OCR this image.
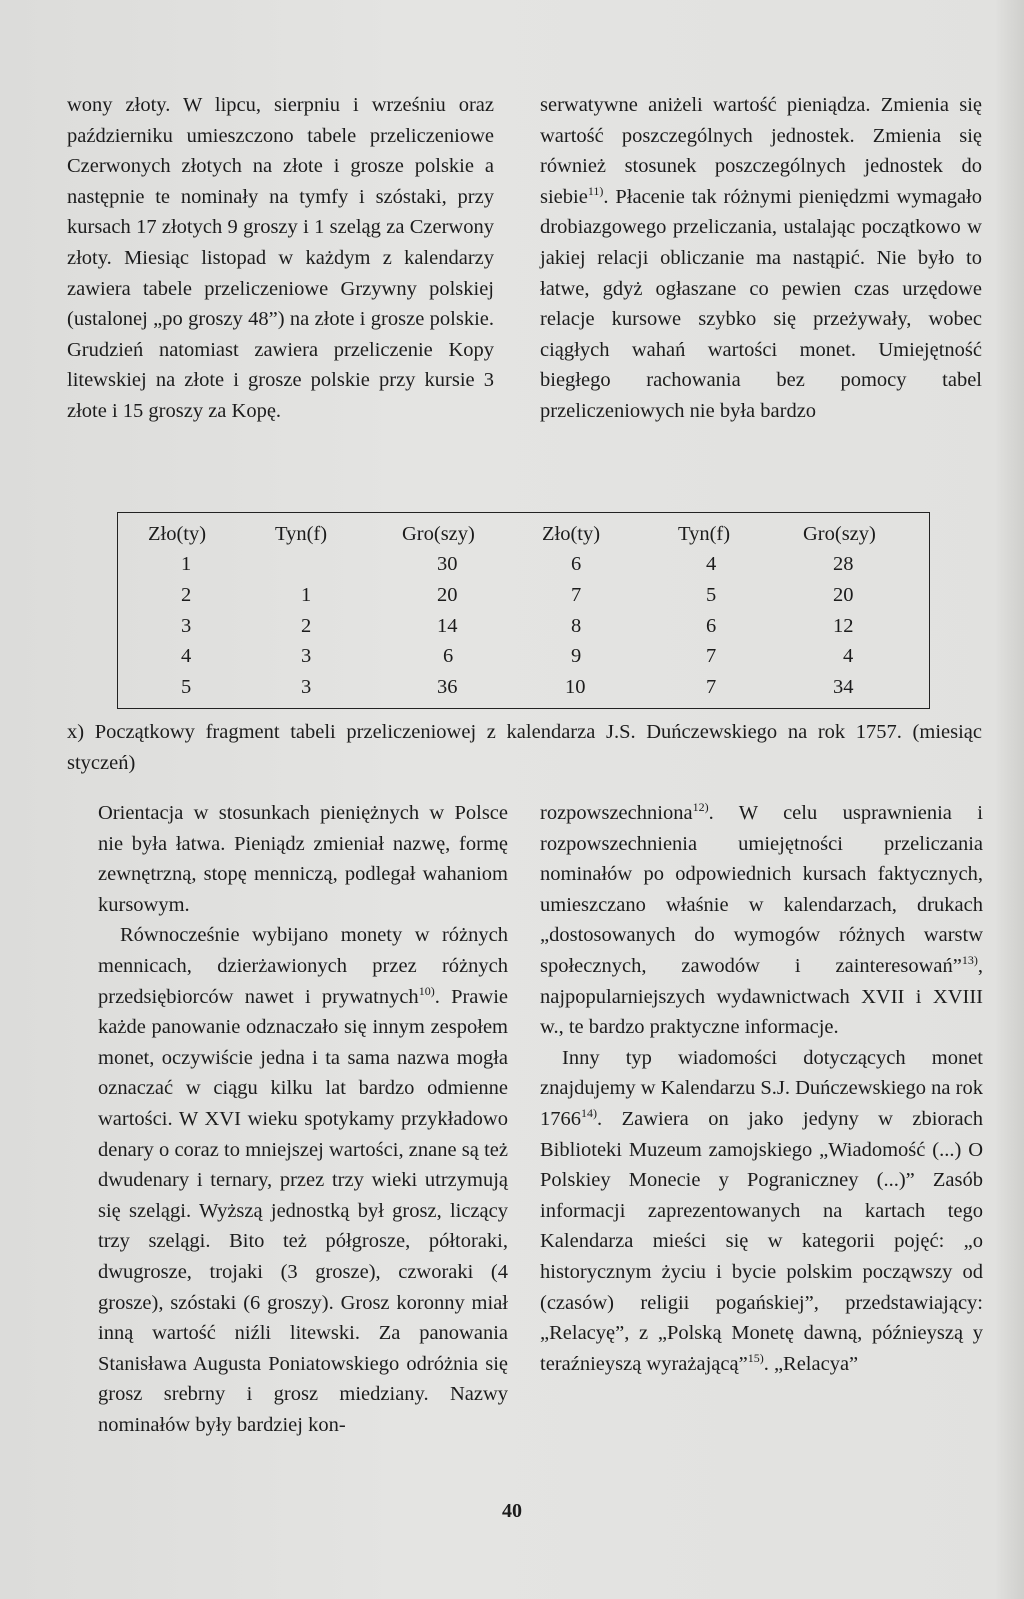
wony złoty. W lipcu, sierpniu i wrześniu oraz październiku umieszczono tabele przeliczeniowe Czerwonych złotych na złote i grosze polskie a następnie te nominały na tymfy i szóstaki, przy kursach 17 złotych 9 groszy i 1 szeląg za Czerwony złoty. Miesiąc listopad w każdym z kalendarzy zawiera tabele przeliczeniowe Grzywny polskiej (ustalonej „po groszy 48”) na złote i grosze polskie. Grudzień natomiast zawiera przeliczenie Kopy litewskiej na złote i grosze polskie przy kursie 3 złote i 15 groszy za Kopę.

serwatywne aniżeli wartość pieniądza. Zmienia się wartość poszczególnych jednostek. Zmienia się również stosunek poszczególnych jednostek do siebie$^{11)}$. Płacenie tak różnymi pieniędzmi wymagało drobiazgowego przeliczania, ustalając początkowo w jakiej relacji obliczanie ma nastąpić. Nie było to łatwe, gdyż ogłaszane co pewien czas urzędowe relacje kursowe szybko się przeżywały, wobec ciągłych wahań wartości monet. Umiejętność biegłego rachowania bez pomocy tabel przeliczeniowych nie była bardzo

	Zło(ty)	Tyn(f)	Gro(szy)	Zło(ty)	Tyn(f)	Gro(szy)
	1		30	6	4	28
	2	1	20	7	5	20
	3	2	14	8	6	12
	4	3	6	9	7	4
	5	3	36	10	7	34
x) Początkowy fragment tabeli przeliczeniowej z kalendarza J.S. Duńczewskiego na rok 1757. (miesiąc styczeń)

Orientacja w stosunkach pieniężnych w Polsce nie była łatwa. Pieniądz zmieniał nazwę, formę zewnętrzną, stopę menniczą, podlegał wahaniom kursowym.

Równocześnie wybijano monety w różnych mennicach, dzierżawionych przez różnych przedsiębiorców nawet i prywatnych$^{10)}$. Prawie każde panowanie odznaczało się innym zespołem monet, oczywiście jedna i ta sama nazwa mogła oznaczać w ciągu kilku lat bardzo odmienne wartości. W XVI wieku spotykamy przykładowo denary o coraz to mniejszej wartości, znane są też dwudenary i ternary, przez trzy wieki utrzymują się szelągi. Wyższą jednostką był grosz, liczący trzy szelągi. Bito też półgrosze, półtoraki, dwugrosze, trojaki (3 grosze), czworaki (4 grosze), szóstaki (6 groszy). Grosz koronny miał inną wartość niźli litewski. Za panowania Stanisława Augusta Poniatowskiego odróżnia się grosz srebrny i grosz miedziany. Nazwy nominałów były bardziej kon-

rozpowszechniona$^{12)}$. W celu usprawnienia i rozpowszechnienia umiejętności przeliczania nominałów po odpowiednich kursach faktycznych, umieszczano właśnie w kalendarzach, drukach „dostosowanych do wymogów różnych warstw społecznych, zawodów i zainteresowań”$^{13)}$, najpopularniejszych wydawnictwach XVII i XVIII w., te bardzo praktyczne informacje.

Inny typ wiadomości dotyczących monet znajdujemy w Kalendarzu S.J. Duńczewskiego na rok 1766$^{14)}$. Zawiera on jako jedyny w zbiorach Biblioteki Muzeum zamojskiego „Wiadomość (...) O Polskiey Monecie y Pograniczney (...)” Zasób informacji zaprezentowanych na kartach tego Kalendarza mieści się w kategorii pojęć: „o historycznym życiu i bycie polskim począwszy od (czasów) religii pogańskiej”, przedstawiający: „Relacyę”, z „Polską Monetę dawną, późnieyszą y teraźnieyszą wyrażającą”$^{15)}$. „Relacya”

40
